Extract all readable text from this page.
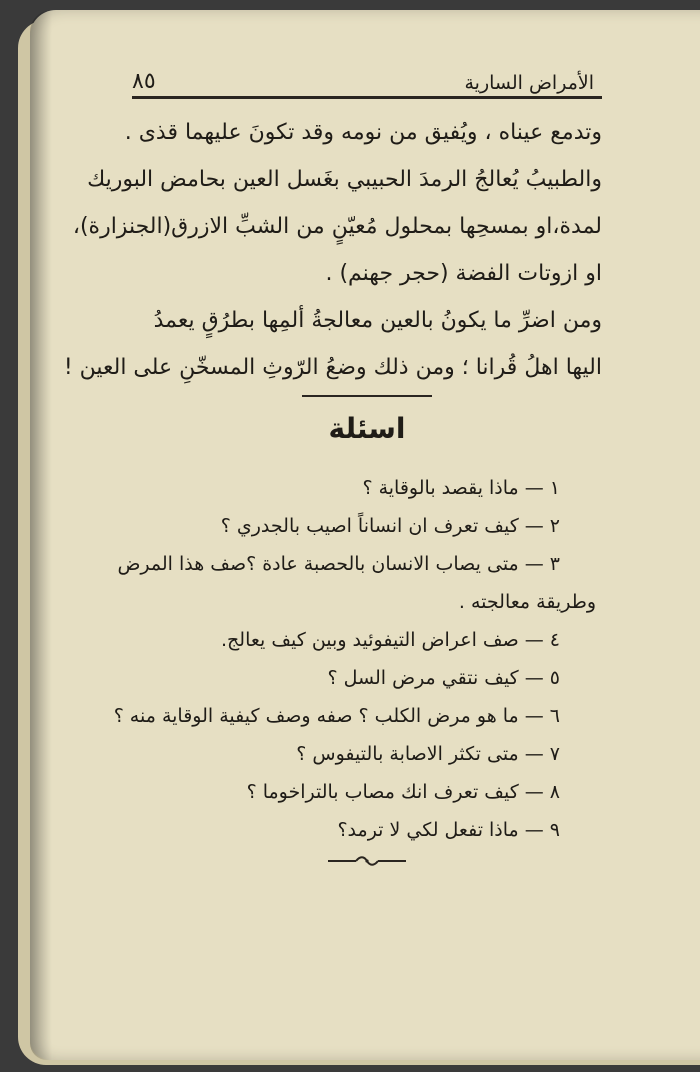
الأمراض السارية
٨٥
وتدمع عيناه ، ويُفيق من نومه وقد تكونَ عليهما قذى .
والطبيبُ يُعالجُ الرمدَ الحبيبي بغَسل العين بحامض البوريك
لمدة،او بمسحِها بمحلول مُعيّنٍ من الشبِّ الازرق(الجنزارة)،
او ازوتات الفضة (حجر جهنم) .
ومن اضرِّ ما يكونُ بالعين معالجةُ ألمِها بطرُقٍ يعمدُ
اليها اهلُ قُرانا ؛ ومن ذلك وضعُ الرّوثِ المسخّنِ على العين !
اسئلة
١— ماذا يقصد بالوقاية ؟
٢— كيف تعرف ان انساناً اصيب بالجدري ؟
٣— متى يصاب الانسان بالحصبة عادة ؟صف هذا المرض
وطريقة معالجته .
٤— صف اعراض التيفوئيد وبين كيف يعالج.
٥— كيف نتقي مرض السل ؟
٦— ما هو مرض الكلب ؟ صفه وصف كيفية الوقاية منه ؟
٧— متى تكثر الاصابة بالتيفوس ؟
٨— كيف تعرف انك مصاب بالتراخوما ؟
٩— ماذا تفعل لكي لا ترمد؟
